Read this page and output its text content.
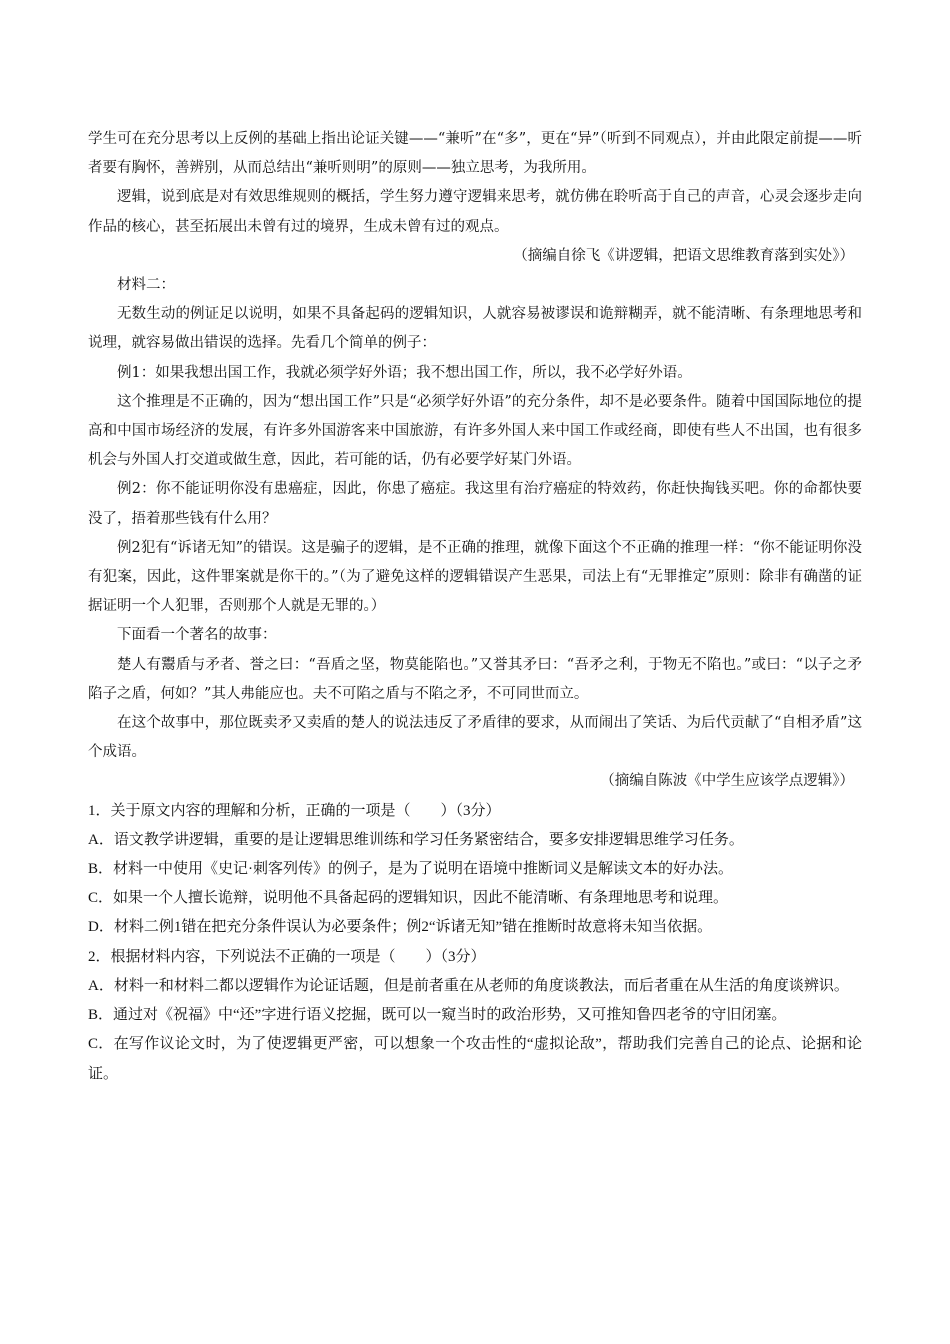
学生可在充分思考以上反例的基础上指出论证关键——“兼听”在“多”，更在“异”（听到不同观点），并由此限定前提——听者要有胸怀，善辨别，从而总结出“兼听则明”的原则——独立思考，为我所用。

逻辑，说到底是对有效思维规则的概括，学生努力遵守逻辑来思考，就仿佛在聆听高于自己的声音，心灵会逐步走向作品的核心，甚至拓展出未曾有过的境界，生成未曾有过的观点。

（摘编自徐飞《讲逻辑，把语文思维教育落到实处》）

材料二：

无数生动的例证足以说明，如果不具备起码的逻辑知识，人就容易被谬误和诡辩糊弄，就不能清晰、有条理地思考和说理，就容易做出错误的选择。先看几个简单的例子：

例1：如果我想出国工作，我就必须学好外语；我不想出国工作，所以，我不必学好外语。

这个推理是不正确的，因为“想出国工作”只是“必须学好外语”的充分条件，却不是必要条件。随着中国国际地位的提高和中国市场经济的发展，有许多外国游客来中国旅游，有许多外国人来中国工作或经商，即使有些人不出国，也有很多机会与外国人打交道或做生意，因此，若可能的话，仍有必要学好某门外语。

例2：你不能证明你没有患癌症，因此，你患了癌症。我这里有治疗癌症的特效药，你赶快掏钱买吧。你的命都快要没了，捂着那些钱有什么用？

例2犯有“诉诸无知”的错误。这是骗子的逻辑，是不正确的推理，就像下面这个不正确的推理一样：“你不能证明你没有犯案，因此，这件罪案就是你干的。”（为了避免这样的逻辑错误产生恶果，司法上有“无罪推定”原则：除非有确凿的证据证明一个人犯罪，否则那个人就是无罪的。）

下面看一个著名的故事：

楚人有鬻盾与矛者、誉之曰：“吾盾之坚，物莫能陷也。”又誉其矛曰：“吾矛之利，于物无不陷也。”或曰：“以子之矛陷子之盾，何如？”其人弗能应也。夫不可陷之盾与不陷之矛，不可同世而立。

在这个故事中，那位既卖矛又卖盾的楚人的说法违反了矛盾律的要求，从而闹出了笑话、为后代贡献了“自相矛盾”这个成语。

（摘编自陈波《中学生应该学点逻辑》）

1．关于原文内容的理解和分析，正确的一项是（　　）（3分）

A．语文教学讲逻辑，重要的是让逻辑思维训练和学习任务紧密结合，要多安排逻辑思维学习任务。

B．材料一中使用《史记·刺客列传》的例子，是为了说明在语境中推断词义是解读文本的好办法。

C．如果一个人擅长诡辩，说明他不具备起码的逻辑知识，因此不能清晰、有条理地思考和说理。

D．材料二例1错在把充分条件误认为必要条件；例2“诉诸无知”错在推断时故意将未知当依据。

2．根据材料内容，下列说法不正确的一项是（　　）（3分）

A．材料一和材料二都以逻辑作为论证话题，但是前者重在从老师的角度谈教法，而后者重在从生活的角度谈辨识。

B．通过对《祝福》中“还”字进行语义挖掘，既可以一窥当时的政治形势，又可推知鲁四老爷的守旧闭塞。

C．在写作议论文时，为了使逻辑更严密，可以想象一个攻击性的“虚拟论敌”，帮助我们完善自己的论点、论据和论证。
